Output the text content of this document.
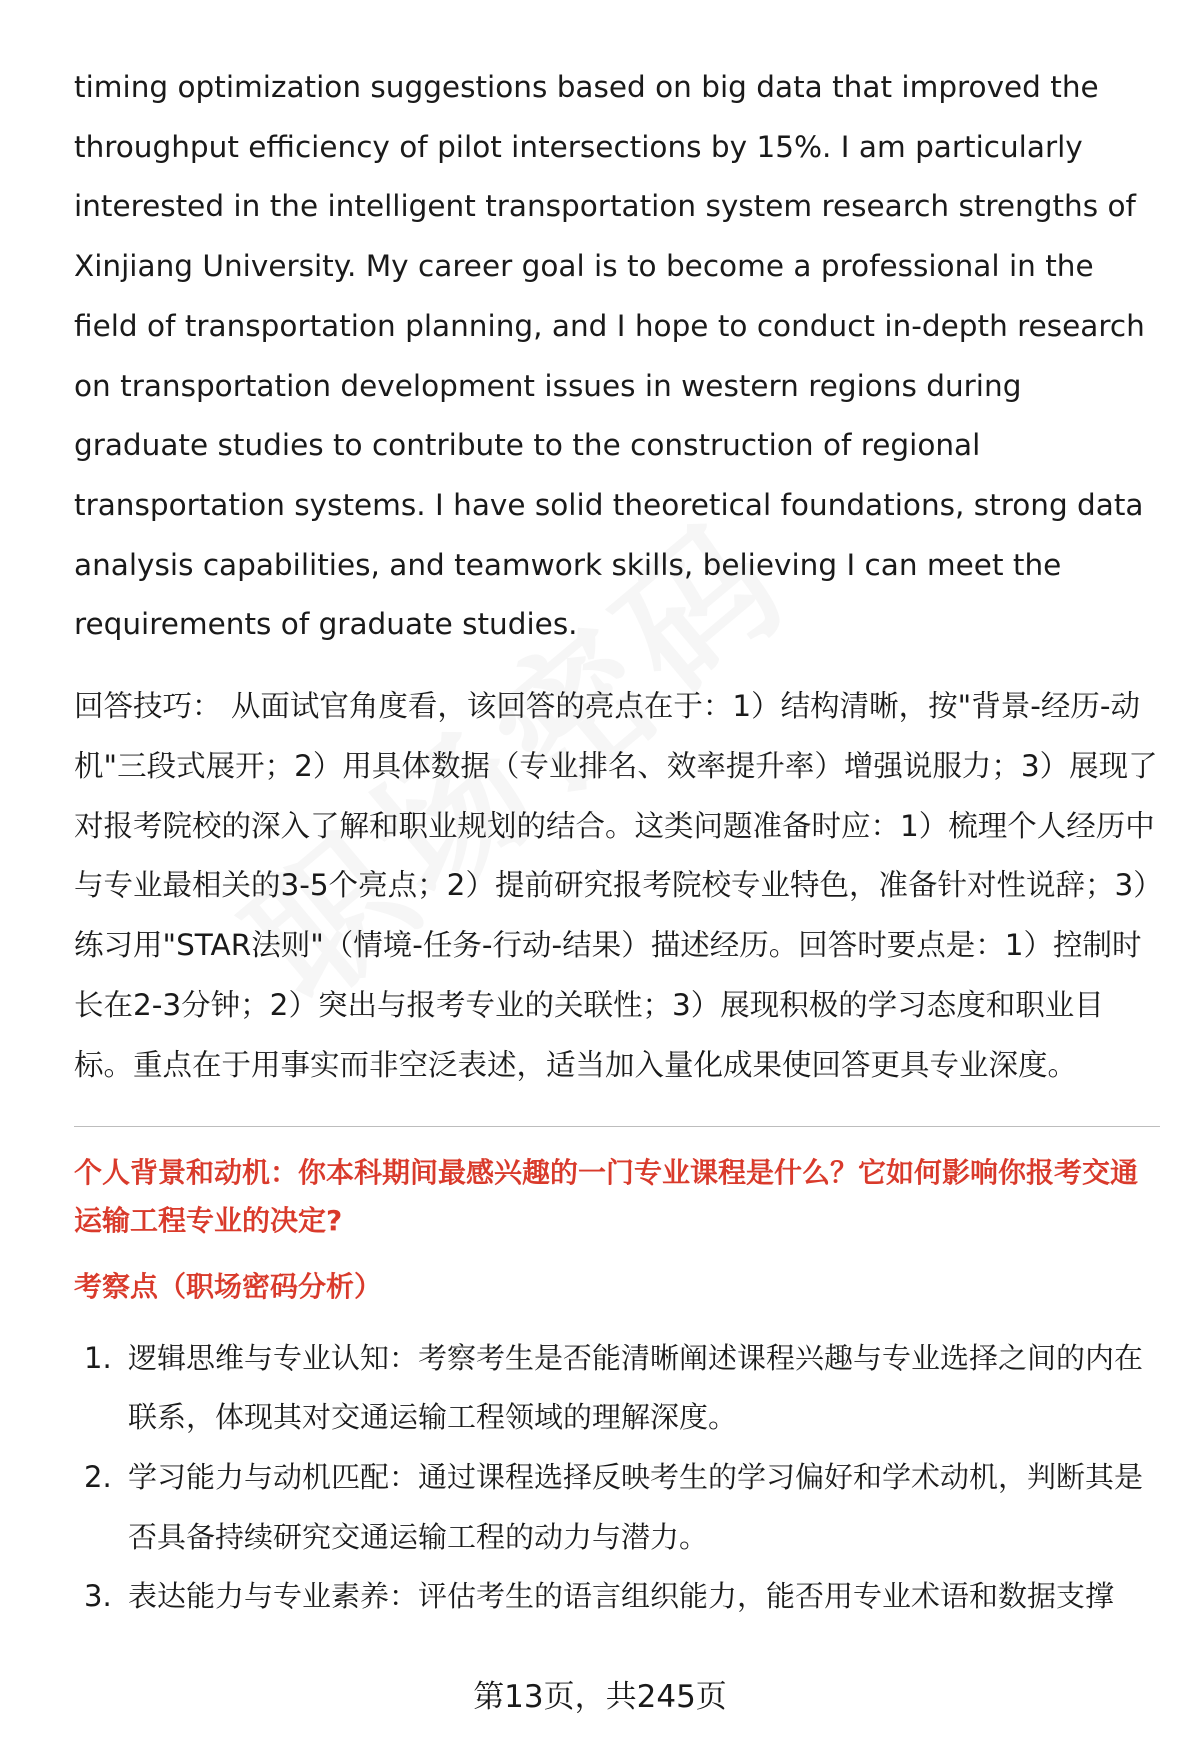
timing optimization suggestions based on big data that improved the throughput efficiency of pilot intersections by 15%. I am particularly interested in the intelligent transportation system research strengths of Xinjiang University. My career goal is to become a professional in the field of transportation planning, and I hope to conduct in-depth research on transportation development issues in western regions during graduate studies to contribute to the construction of regional transportation systems. I have solid theoretical foundations, strong data analysis capabilities, and teamwork skills, believing I can meet the requirements of graduate studies.

回答技巧： 从面试官角度看，该回答的亮点在于：1）结构清晰，按"背景-经历-动机"三段式展开；2）用具体数据（专业排名、效率提升率）增强说服力；3）展现了对报考院校的深入了解和职业规划的结合。这类问题准备时应：1）梳理个人经历中与专业最相关的3-5个亮点；2）提前研究报考院校专业特色，准备针对性说辞；3）练习用"STAR法则"（情境-任务-行动-结果）描述经历。回答时要点是：1）控制时长在2-3分钟；2）突出与报考专业的关联性；3）展现积极的学习态度和职业目标。重点在于用事实而非空泛表述，适当加入量化成果使回答更具专业深度。

个人背景和动机：你本科期间最感兴趣的一门专业课程是什么？它如何影响你报考交通运输工程专业的决定?

考察点（职场密码分析）

1. 逻辑思维与专业认知：考察考生是否能清晰阐述课程兴趣与专业选择之间的内在联系，体现其对交通运输工程领域的理解深度。
2. 学习能力与动机匹配：通过课程选择反映考生的学习偏好和学术动机，判断其是否具备持续研究交通运输工程的动力与潜力。
3. 表达能力与专业素养：评估考生的语言组织能力，能否用专业术语和数据支撑
第13页，共245页
